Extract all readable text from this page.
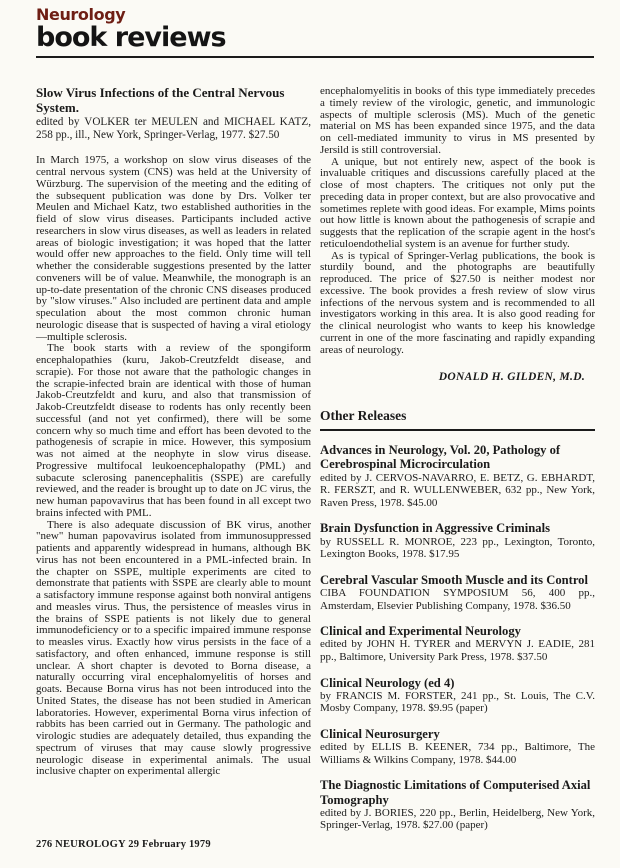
Neurology
book reviews
Slow Virus Infections of the Central Nervous System.

edited by VOLKER ter MEULEN and MICHAEL KATZ, 258 pp., ill., New York, Springer-Verlag, 1977. $27.50

In March 1975, a workshop on slow virus diseases of the central nervous system (CNS) was held at the University of Würzburg. The supervision of the meeting and the editing of the subsequent publication was done by Drs. Volker ter Meulen and Michael Katz, two established authorities in the field of slow virus diseases. Participants included active researchers in slow virus diseases, as well as leaders in related areas of biologic investigation; it was hoped that the latter would offer new approaches to the field. Only time will tell whether the considerable suggestions presented by the latter conveners will be of value. Meanwhile, the monograph is an up-to-date presentation of the chronic CNS diseases produced by "slow viruses." Also included are pertinent data and ample speculation about the most common chronic human neurologic disease that is suspected of having a viral etiology—multiple sclerosis.

The book starts with a review of the spongiform encephalopathies (kuru, Jakob-Creutzfeldt disease, and scrapie). For those not aware that the pathologic changes in the scrapie-infected brain are identical with those of human Jakob-Creutzfeldt and kuru, and also that transmission of Jakob-Creutzfeldt disease to rodents has only recently been successful (and not yet confirmed), there will be some concern why so much time and effort has been devoted to the pathogenesis of scrapie in mice. However, this symposium was not aimed at the neophyte in slow virus disease. Progressive multifocal leukoencephalopathy (PML) and subacute sclerosing panencephalitis (SSPE) are carefully reviewed, and the reader is brought up to date on JC virus, the new human papovavirus that has been found in all except two brains infected with PML.

There is also adequate discussion of BK virus, another "new" human papovavirus isolated from immunosuppressed patients and apparently widespread in humans, although BK virus has not been encountered in a PML-infected brain. In the chapter on SSPE, multiple experiments are cited to demonstrate that patients with SSPE are clearly able to mount a satisfactory immune response against both nonviral antigens and measles virus. Thus, the persistence of measles virus in the brains of SSPE patients is not likely due to general immunodeficiency or to a specific impaired immune response to measles virus. Exactly how virus persists in the face of a satisfactory, and often enhanced, immune response is still unclear. A short chapter is devoted to Borna disease, a naturally occurring viral encephalomyelitis of horses and goats. Because Borna virus has not been introduced into the United States, the disease has not been studied in American laboratories. However, experimental Borna virus infection of rabbits has been carried out in Germany. The pathologic and virologic studies are adequately detailed, thus expanding the spectrum of viruses that may cause slowly progressive neurologic disease in experimental animals. The usual inclusive chapter on experimental allergic

encephalomyelitis in books of this type immediately precedes a timely review of the virologic, genetic, and immunologic aspects of multiple sclerosis (MS). Much of the genetic material on MS has been expanded since 1975, and the data on cell-mediated immunity to virus in MS presented by Jersild is still controversial.

A unique, but not entirely new, aspect of the book is invaluable critiques and discussions carefully placed at the close of most chapters. The critiques not only put the preceding data in proper context, but are also provocative and sometimes replete with good ideas. For example, Mims points out how little is known about the pathogenesis of scrapie and suggests that the replication of the scrapie agent in the host's reticuloendothelial system is an avenue for further study.

As is typical of Springer-Verlag publications, the book is sturdily bound, and the photographs are beautifully reproduced. The price of $27.50 is neither modest nor excessive. The book provides a fresh review of slow virus infections of the nervous system and is recommended to all investigators working in this area. It is also good reading for the clinical neurologist who wants to keep his knowledge current in one of the more fascinating and rapidly expanding areas of neurology.

DONALD H. GILDEN, M.D.

Other Releases
Advances in Neurology, Vol. 20, Pathology of Cerebrospinal Microcirculation
edited by J. CERVOS-NAVARRO, E. BETZ, G. EBHARDT, R. FERSZT, and R. WULLENWEBER, 632 pp., New York, Raven Press, 1978. $45.00
Brain Dysfunction in Aggressive Criminals
by RUSSELL R. MONROE, 223 pp., Lexington, Toronto, Lexington Books, 1978. $17.95
Cerebral Vascular Smooth Muscle and its Control
CIBA FOUNDATION SYMPOSIUM 56, 400 pp., Amsterdam, Elsevier Publishing Company, 1978. $36.50
Clinical and Experimental Neurology
edited by JOHN H. TYRER and MERVYN J. EADIE, 281 pp., Baltimore, University Park Press, 1978. $37.50
Clinical Neurology (ed 4)
by FRANCIS M. FORSTER, 241 pp., St. Louis, The C.V. Mosby Company, 1978. $9.95 (paper)
Clinical Neurosurgery
edited by ELLIS B. KEENER, 734 pp., Baltimore, The Williams & Wilkins Company, 1978. $44.00
The Diagnostic Limitations of Computerised Axial Tomography
edited by J. BORIES, 220 pp., Berlin, Heidelberg, New York, Springer-Verlag, 1978. $27.00 (paper)
276 NEUROLOGY 29 February 1979
